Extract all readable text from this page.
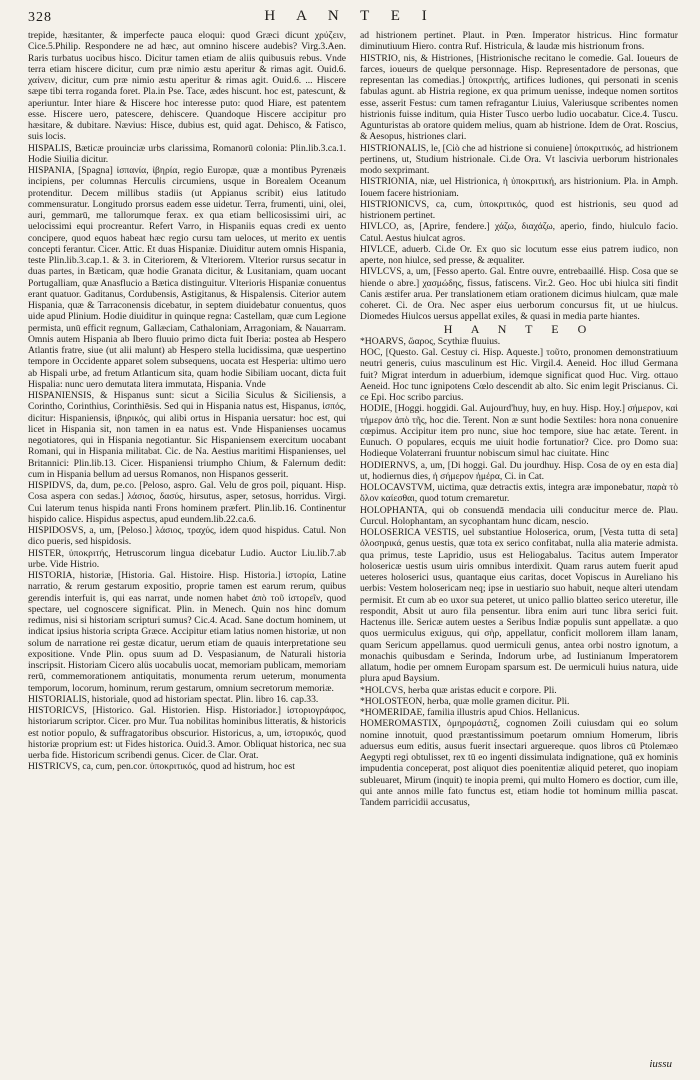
328	H A N T E I

trepide, hæsitanter, & imperfecte pauca eloqui: quod Græci dicunt χρύζειν, Cice.5.Philip. Respondere ne ad hæc, aut omnino hiscere audebis? Virg.3.Aen. Raris turbatus uocibus hisco. Dicitur tamen etiam de aliis quibusuis rebus. Vnde terra etiam hiscere dicitur, cum præ nimio æstu aperitur & rimas agit. Ouid.6. χαίνειν, dicitur, cum præ nimio æstu aperitur & rimas agit. Ouid.6. ... Hiscere sæpe tibi terra roganda foret. Pla.in Pse. Tace, ædes hiscunt. hoc est, patescunt, & aperiuntur. Inter hiare & Hiscere hoc interesse puto: quod Hiare, est patentem esse. Hiscere uero, patescere, dehiscere. Quandoque Hiscere accipitur pro hæsitare, & dubitare. Nævius: Hisce, dubius est, quid agat. Dehisco, & Fatisco, suis locis.

HISPALIS, Bæticæ prouinciæ urbs clarissima, Romanorū colonia: Plin.lib.3.ca.1. Hodie Siuilia dicitur.

HISPANIA, [Spagna] ἰσπανία, ἰβηρία, regio Europæ, quæ a montibus Pyrenæis incipiens, per columnas Herculis circumiens, usque in Borealem Oceanum protenditur. Decem millibus stadiis (ut Appianus scribit) eius latitudo commensuratur. Longitudo prorsus eadem esse uidetur. Terra, frumenti, uini, olei, auri, gemmarū, me tallorumque ferax. ex qua etiam bellicosissimi uiri, ac uelocissimi equi procreantur. Refert Varro, in Hispaniis equas credi ex uento concipere, quod equos habeat hæc regio cursu tam ueloces, ut merito ex uentis concepti ferantur. Cicer. Attic. Et duas Hispaniæ. Diuiditur autem omnis Hispania, teste Plin.lib.3.cap.1. & 3. in Citeriorem, & Vlteriorem. Vlterior rursus secatur in duas partes, in Bæticam, quæ hodie Granata dicitur, & Lusitaniam, quam uocant Portugalliam, quæ Anasflucio a Bætica distinguitur. Vlterioris Hispaniæ conuentus erant quatuor. Gaditanus, Cordubensis, Astigitanus, & Hispalensis. Citerior autem Hispania, quæ & Tarraconensis dicebatur, in septem diuidebatur conuentus, quos uide apud Plinium. Hodie diuiditur in quinque regna: Castellam, quæ cum Legione permista, unū efficit regnum, Gallæciam, Cathaloniam, Arragoniam, & Nauarram. Omnis autem Hispania ab Ibero fluuio primo dicta fuit Iberia: postea ab Hespero Atlantis fratre, siue (ut alii malunt) ab Hespero stella lucidissima, quæ uespertino tempore in Occidente apparet solem subsequens, uocata est Hesperia: ultimo uero ab Hispali urbe, ad fretum Atlanticum sita, quam hodie Sibiliam uocant, dicta fuit Hispalia: nunc uero demutata litera immutata, Hispania. Vnde

HISPANIENSIS, & Hispanus sunt: sicut a Sicilia Siculus & Siciliensis, a Corintho, Corinthius, Corinthiēsis. Sed qui in Hispania natus est, Hispanus, ἰσπός, dicitur: Hispaniensis, ἰβηρικός, qui alibi ortus in Hispania uersatur: hoc est, qui licet in Hispania sit, non tamen in ea natus est. Vnde Hispanienses uocamus negotiatores, qui in Hispania negotiantur. Sic Hispaniensem exercitum uocabant Romani, qui in Hispania militabat. Cic. de Na. Aestius maritimi Hispanienses, uel Britannici: Plin.lib.13. Cicer. Hispaniensi triumpho Chium, & Falernum dedit: cum in Hispania bellum ad uersus Romanos, non Hispanos gesserit.

HISPIDVS, da, dum, pe.co. [Peloso, aspro. Gal. Velu de gros poil, piquant. Hisp. Cosa aspera con sedas.] λάσιος, δασύς, hirsutus, asper, setosus, horridus. Virgi. Cui laterum tenus hispida nanti Frons hominem præfert. Plin.lib.16. Continentur hispido calice. Hispidus aspectus, apud eundem.lib.22.ca.6.

HISPIDOSVS, a, um, [Peloso.] λάσιος, τραχύς, idem quod hispidus. Catul. Non dico pueris, sed hispidosis.

HISTER, ὑποκριτής, Hetruscorum lingua dicebatur Ludio. Auctor Liu.lib.7.ab urbe. Vide Histrio.

HISTORIA, historiæ, [Historia. Gal. Histoire. Hisp. Historia.] ἱστορία, Latine narratio, & rerum gestarum expositio, proprie tamen est earum rerum, quibus gerendis interfuit is, qui eas narrat, unde nomen habet ἀπὸ τοῦ ἱστορεῖν, quod spectare, uel cognoscere significat. Plin. in Menech. Quin nos hinc domum redimus, nisi si historiam scripturi sumus? Cic.4. Acad. Sane doctum hominem, ut indicat ipsius historia scripta Græce. Accipitur etiam latius nomen historiæ, ut non solum de narratione rei gestæ dicatur, uerum etiam de quauis interpretatione seu expositione. Vnde Plin. opus suum ad D. Vespasianum, de Naturali historia inscripsit. Historiam Cicero alüs uocabulis uocat, memoriam publicam, memoriam rerū, commemorationem antiquitatis, monumenta rerum ueterum, monumenta temporum, locorum, hominum, rerum gestarum, omnium secretorum memoriæ.

HISTORIALIS, historiale, quod ad historiam spectat. Plin. libro 16. cap.33.

HISTORICVS, [Historico. Gal. Historien. Hisp. Historiador.] ἱστοριογράφος, historiarum scriptor. Cicer. pro Mur. Tua nobilitas hominibus litteratis, & historicis est notior populo, & suffragatoribus obscurior. Historicus, a, um, ἱστορικός, quod historiæ proprium est: ut Fides historica. Ouid.3. Amor. Obliquat historica, nec sua uerba fide. Historicum scribendi genus. Cicer. de Clar. Orat.

HISTRICVS, ca, cum, pen.cor. ὑποκριτικός, quod ad histrum, hoc est

ad histrionem pertinet. Plaut. in Pœn. Imperator histricus. Hinc formatur diminutiuum Hiero. contra Ruf. Histricula, & laudæ mis histrionum frons.

HISTRIO, nis, & Histriones, [Histrionische recitano le comedie. Gal. Ioueurs de farces, ioueurs de quelque personnage. Hisp. Representadore de personas, que representan las comedias.] ὑποκριτής, artifices ludiones, qui personati in scenis fabulas agunt. ab Histria regione, ex qua primum uenisse, indeque nomen sortitos esse, asserit Festus: cum tamen refragantur Liuius, Valeriusque scribentes nomen histrionis fuisse inditum, quia Hister Tusco uerbo ludio uocabatur. Cice.4. Tuscu. Agunturistas ab oratore quidem melius, quam ab histrione. Idem de Orat. Roscius, & Aesopus, histriones clari.

HISTRIONALIS, le, [Ciò che ad histrione si conuiene] ὑποκριτικός, ad histrionem pertinens, ut, Studium histrionale. Ci.de Ora. Vt lascivia uerborum histrionales modo sexprimant.

HISTRIONIA, niæ, uel Histrionica, ἡ ὑποκριτική, ars histrionium. Pla. in Amph. Iouem facere histrioniam.

HISTRIONICVS, ca, cum, ὑποκριτικός, quod est histrionis, seu quod ad histrionem pertinet.

HIVLCO, as, [Aprire, fendere.] χάζω, διαχάζω, aperio, findo, hiulculo facio. Catul. Aestus hiulcat agros.

HIVLCE, aduerb. Ci.de Or. Ex quo sic locutum esse eius patrem iudico, non aperte, non hiulce, sed presse, & æqualiter.

HIVLCVS, a, um, [Fesso aperto. Gal. Entre ouvre, entrebaaillé. Hisp. Cosa que se hiende o abre.] χασμώδης, fissus, fatiscens. Vir.2. Geo. Hoc ubi hiulca siti findit Canis æstifer arua. Per translationem etiam orationem dicimus hiulcam, quæ male coheret. Ci. de Ora. Nec asper eius uerborum concursus fit, ut ue hiulcus. Diomedes Hiulcos uersus appellat exiles, & quasi in media parte hiantes.

H A N T E O

*HOARVS, ὥαρος, Scythiæ fluuius.

HOC, [Questo. Gal. Cestuy ci. Hisp. Aqueste.] τοῦτο, pronomen demonstratiuum neutri generis, cuius masculinum est Hic. Virgil.4. Aeneid. Hoc illud Germana fuit? Migrat interdum in aduerbium, idemque significat quod Huc. Virg. ottauo Aeneid. Hoc tunc ignipotens Cœlo descendit ab alto. Sic enim legit Priscianus. Ci. ce Epi. Hoc scribo parcius.

HODIE, [Hoggi. hoggidi. Gal. Aujourd'huy, huy, en huy. Hisp. Hoy.] σήμερον, καὶ τήμερον ἀπὸ τῆς, hoc die. Terent. Non æ sunt hodie Sextiles: hora nona conuenire cœpimus. Accipitur item pro nunc, siue hoc tempore, siue hac ætate. Terent. in Eunuch. O populares, ecquis me uiuit hodie fortunatior? Cice. pro Domo sua: Hodieque Volaterrani fruuntur nobiscum simul hac ciuitate. Hinc

HODIERNVS, a, um, [Di hoggi. Gal. Du jourdhuy. Hisp. Cosa de oy en esta dia] ut, hodiernus dies, ἡ σήμερον ἡμέρα, Ci. in Cat.

HOLOCAVSTVM, uictima, quæ detractis extis, integra aræ imponebatur, παρὰ τὸ ὅλον καίεσθαι, quod totum cremaretur.

HOLOPHANTA, qui ob consuendā mendacia uili conducitur merce de. Plau. Curcul. Holophantam, an sycophantam hunc dicam, nescio.

HOLOSERICA VESTIS, uel substantiue Holoserica, orum, [Vesta tutta di seta] ὁλοσηρικά, genus uestis, quæ tota ex serico confitabat, nulla alia materie admista. qua primus, teste Lapridio, usus est Heliogabalus. Tacitus autem Imperator holosericæ uestis usum uiris omnibus interdixit. Quam rarus autem fuerit apud ueteres holoserici usus, quantaque eius caritas, docet Vopiscus in Aureliano his uerbis: Vestem holosericam neq; ipse in uestiario suo habuit, neque alteri utendam permisit. Et cum ab eo uxor sua peteret, ut unico pallio blatteo serico uteretur, ille respondit, Absit ut auro fila pensentur. libra enim auri tunc libra serici fuit. Hactenus ille. Sericæ autem uestes a Seribus Indiæ populis sunt appellatæ. a quo quos uermiculus exiguus, qui σὴρ, appellatur, conficit mollorem illam lanam, quam Sericum appellamus. quod uermiculi genus, antea orbi nostro ignotum, a monachis quibusdam e Serinda, Indorum urbe, ad Iustinianum Imperatorem allatum, hodie per omnem Europam sparsum est. De uermiculi huius natura, uide plura apud Baysium.

*HOLCVS, herba quæ aristas educit e corpore. Pli.

*HOLOSTEON, herba, quæ molle gramen dicitur. Pli.

*HOMERIDAE, familia illustris apud Chios. Hellanicus.

HOMEROMASTIX, ὁμηρομάστιξ, cognomen Zoili cuiusdam qui eo solum nomine innotuit, quod præstantissimum poetarum omnium Homerum, libris aduersus eum editis, ausus fuerit insectari arguereque. quos libros cū Ptolemæo Aegypti regi obtulisset, rex tū eo ingenti dissimulata indignatione, quā ex hominis impudentia conceperat, post aliquot dies poenitentiæ aliquid peteret, quo inopiam subleuaret, Mirum (inquit) te inopia premi, qui multo Homero es doctior, cum ille, qui ante annos mille fato functus est, etiam hodie tot hominum millia pascat. Tandem parricidii accusatus,

iussu
